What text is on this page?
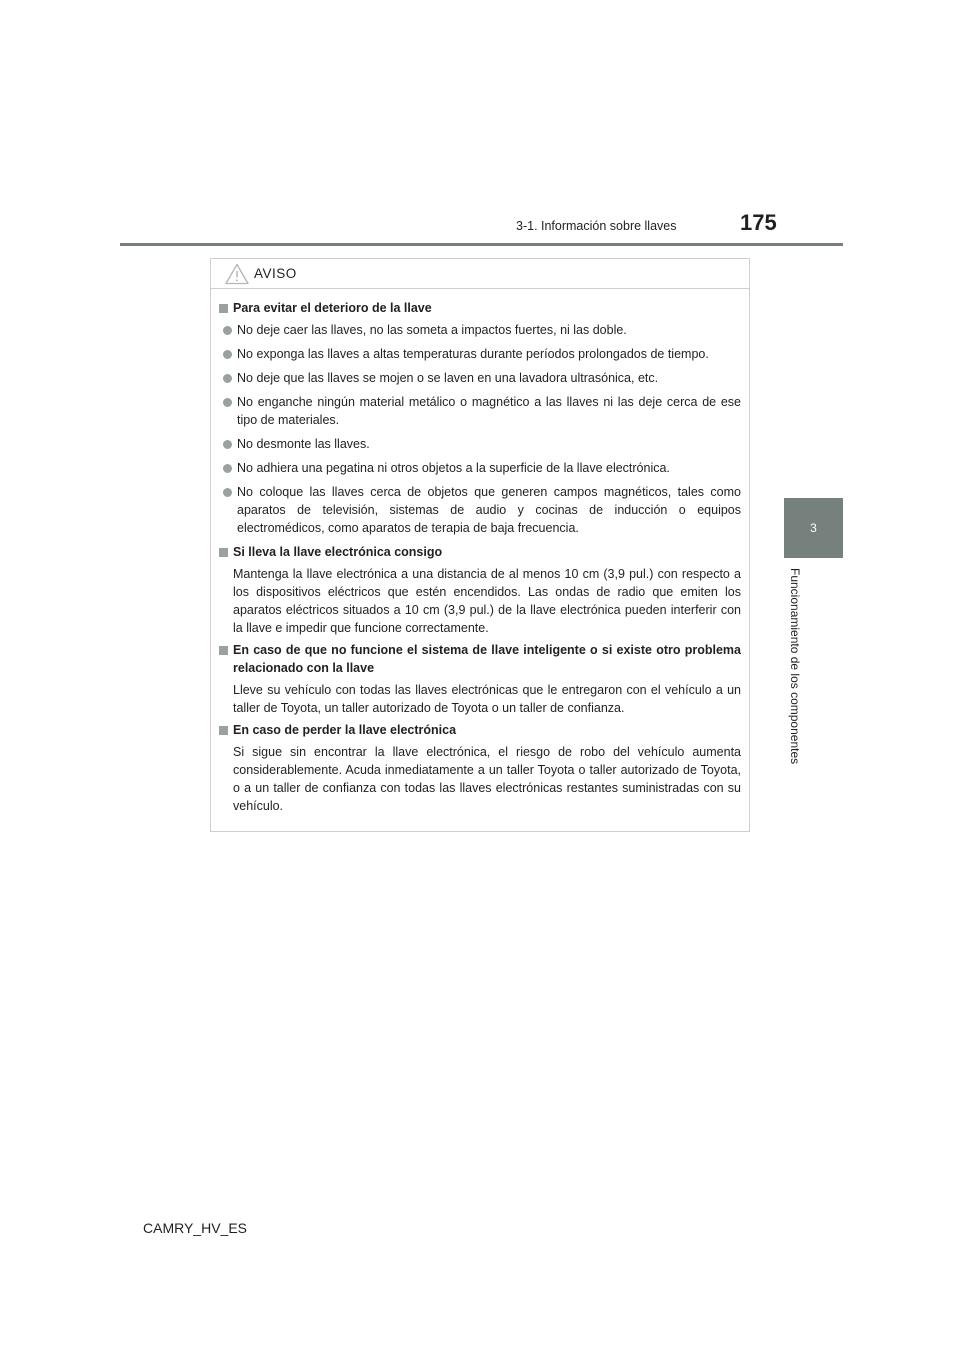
3-1. Información sobre llaves	175
3
Funcionamiento de los componentes
AVISO
Para evitar el deterioro de la llave
No deje caer las llaves, no las someta a impactos fuertes, ni las doble.
No exponga las llaves a altas temperaturas durante períodos prolongados de tiempo.
No deje que las llaves se mojen o se laven en una lavadora ultrasónica, etc.
No enganche ningún material metálico o magnético a las llaves ni las deje cerca de ese tipo de materiales.
No desmonte las llaves.
No adhiera una pegatina ni otros objetos a la superficie de la llave electrónica.
No coloque las llaves cerca de objetos que generen campos magnéticos, tales como aparatos de televisión, sistemas de audio y cocinas de inducción o equipos electromédicos, como aparatos de terapia de baja frecuencia.
Si lleva la llave electrónica consigo
Mantenga la llave electrónica a una distancia de al menos 10 cm (3,9 pul.) con respecto a los dispositivos eléctricos que estén encendidos. Las ondas de radio que emiten los aparatos eléctricos situados a 10 cm (3,9 pul.) de la llave electrónica pueden interferir con la llave e impedir que funcione correctamente.
En caso de que no funcione el sistema de llave inteligente o si existe otro problema relacionado con la llave
Lleve su vehículo con todas las llaves electrónicas que le entregaron con el vehículo a un taller de Toyota, un taller autorizado de Toyota o un taller de confianza.
En caso de perder la llave electrónica
Si sigue sin encontrar la llave electrónica, el riesgo de robo del vehículo aumenta considerablemente. Acuda inmediatamente a un taller Toyota o taller autorizado de Toyota, o a un taller de confianza con todas las llaves electrónicas restantes suministradas con su vehículo.
CAMRY_HV_ES
